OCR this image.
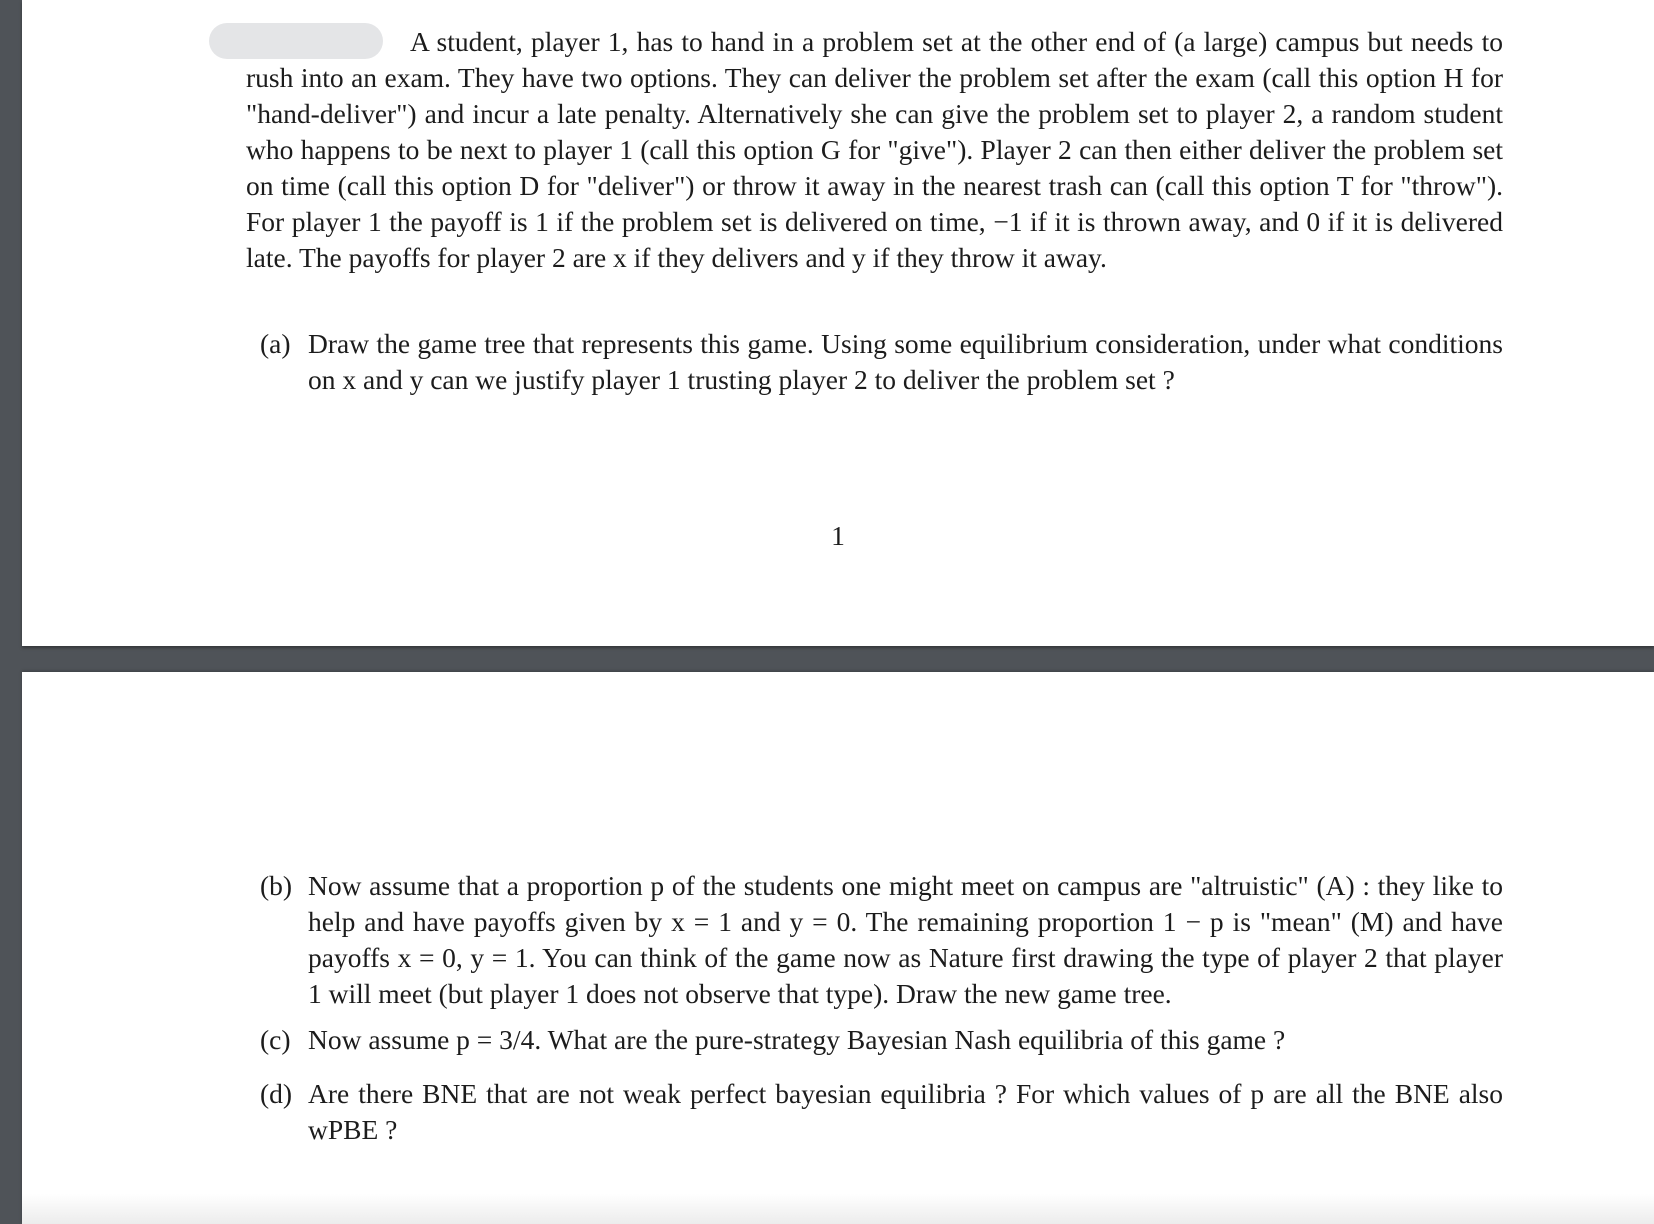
A student, player 1, has to hand in a problem set at the other end of (a large) campus but needs to rush into an exam. They have two options. They can deliver the problem set after the exam (call this option H for "hand-deliver") and incur a late penalty. Alternatively she can give the problem set to player 2, a random student who happens to be next to player 1 (call this option G for "give"). Player 2 can then either deliver the problem set on time (call this option D for "deliver") or throw it away in the nearest trash can (call this option T for "throw"). For player 1 the payoff is 1 if the problem set is delivered on time, −1 if it is thrown away, and 0 if it is delivered late. The payoffs for player 2 are x if they delivers and y if they throw it away.

(a) Draw the game tree that represents this game. Using some equilibrium consideration, under what conditions on x and y can we justify player 1 trusting player 2 to deliver the problem set ?
1
(b) Now assume that a proportion p of the students one might meet on campus are "altruistic" (A) : they like to help and have payoffs given by x = 1 and y = 0. The remaining proportion 1 − p is "mean" (M) and have payoffs x = 0, y = 1. You can think of the game now as Nature first drawing the type of player 2 that player 1 will meet (but player 1 does not observe that type). Draw the new game tree.
(c) Now assume p = 3/4. What are the pure-strategy Bayesian Nash equilibria of this game ?
(d) Are there BNE that are not weak perfect bayesian equilibria ? For which values of p are all the BNE also wPBE ?
